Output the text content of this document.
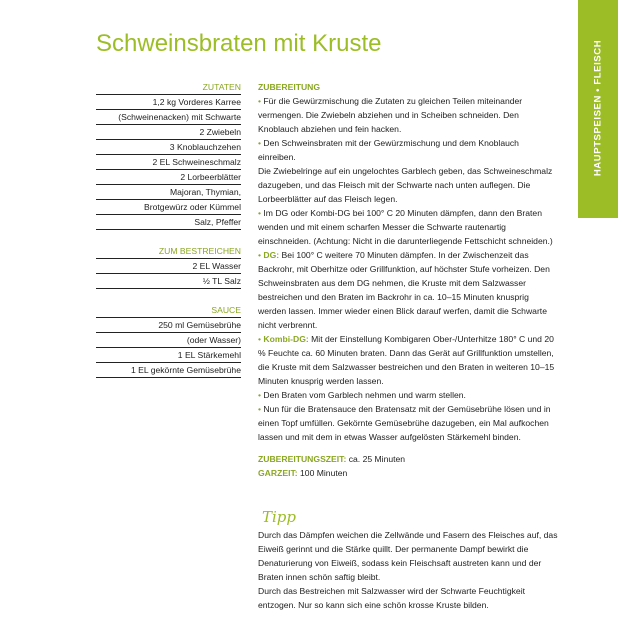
HAUPTSPEISEN • FLEISCH
Schweinsbraten mit Kruste
ZUTATEN
1,2 kg Vorderes Karree
(Schweinenacken) mit Schwarte
2 Zwiebeln
3 Knoblauchzehen
2 EL Schweineschmalz
2 Lorbeerblätter
Majoran, Thymian,
Brotgewürz oder Kümmel
Salz, Pfeffer
ZUM BESTREICHEN
2 EL Wasser
½ TL Salz
SAUCE
250 ml Gemüsebrühe
(oder Wasser)
1 EL Stärkemehl
1 EL gekörnte Gemüsebrühe
ZUBEREITUNG

• Für die Gewürzmischung die Zutaten zu gleichen Teilen miteinander vermengen. Die Zwiebeln abziehen und in Scheiben schneiden. Den Knoblauch abziehen und fein hacken.

• Den Schweinsbraten mit der Gewürzmischung und dem Knoblauch einreiben.

Die Zwiebelringe auf ein ungelochtes Garblech geben, das Schweineschmalz dazugeben, und das Fleisch mit der Schwarte nach unten auflegen. Die Lorbeerblätter auf das Fleisch legen.

• Im DG oder Kombi-DG bei 100° C 20 Minuten dämpfen, dann den Braten wenden und mit einem scharfen Messer die Schwarte rautenartig einschneiden. (Achtung: Nicht in die darunterliegende Fettschicht schneiden.)

• DG: Bei 100° C weitere 70 Minuten dämpfen. In der Zwischenzeit das Backrohr, mit Oberhitze oder Grillfunktion, auf höchster Stufe vorheizen. Den Schweinsbraten aus dem DG nehmen, die Kruste mit dem Salzwasser bestreichen und den Braten im Backrohr in ca. 10–15 Minuten knusprig werden lassen. Immer wieder einen Blick darauf werfen, damit die Schwarte nicht verbrennt.

• Kombi-DG: Mit der Einstellung Kombigaren Ober-/Unterhitze 180° C und 20 % Feuchte ca. 60 Minuten braten. Dann das Gerät auf Grillfunktion umstellen, die Kruste mit dem Salzwasser bestreichen und den Braten in weiteren 10–15 Minuten knusprig werden lassen.

• Den Braten vom Garblech nehmen und warm stellen.

• Nun für die Bratensauce den Bratensatz mit der Gemüsebrühe lösen und in einen Topf umfüllen. Gekörnte Gemüsebrühe dazugeben, ein Mal aufkochen lassen und mit dem in etwas Wasser aufgelösten Stärkemehl binden.

ZUBEREITUNGSZEIT: ca. 25 Minuten
GARZEIT: 100 Minuten
Tipp
Durch das Dämpfen weichen die Zellwände und Fasern des Fleisches auf, das Eiweiß gerinnt und die Stärke quillt. Der permanente Dampf bewirkt die Denaturierung von Eiweiß, sodass kein Fleischsaft austreten kann und der Braten innen schön saftig bleibt.
Durch das Bestreichen mit Salzwasser wird der Schwarte Feuchtigkeit entzogen. Nur so kann sich eine schön krosse Kruste bilden.
